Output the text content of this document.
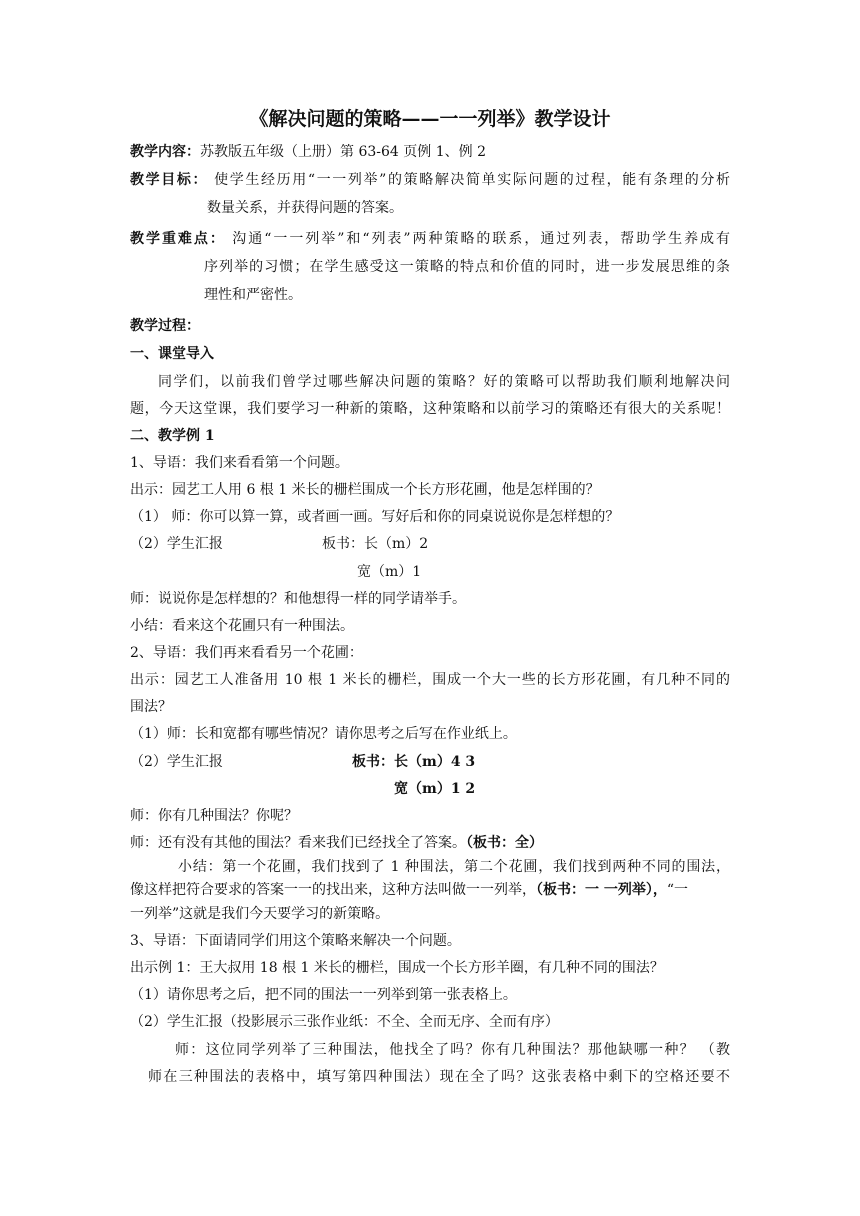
《解决问题的策略——一一列举》教学设计
教学内容：苏教版五年级（上册）第 63-64 页例 1、例 2
教学目标： 使学生经历用“一一列举”的策略解决简单实际问题的过程，能有条理的分析
数量关系，并获得问题的答案。
教学重难点： 沟通“一一列举”和“列表”两种策略的联系，通过列表，帮助学生养成有
序列举的习惯；在学生感受这一策略的特点和价值的同时，进一步发展思维的条
理性和严密性。
教学过程：
一、课堂导入
同学们，以前我们曾学过哪些解决问题的策略？好的策略可以帮助我们顺利地解决问
题，今天这堂课，我们要学习一种新的策略，这种策略和以前学习的策略还有很大的关系呢！
二、教学例 1
1、导语：我们来看看第一个问题。
出示：园艺工人用 6 根 1 米长的栅栏围成一个长方形花圃，他是怎样围的？
（1） 师：你可以算一算，或者画一画。写好后和你的同桌说说你是怎样想的？
（2）学生汇报	板书：长（m）2
宽（m）1
师：说说你是怎样想的？和他想得一样的同学请举手。
小结：看来这个花圃只有一种围法。
2、导语：我们再来看看另一个花圃：
出示：园艺工人准备用 10 根 1 米长的栅栏，围成一个大一些的长方形花圃，有几种不同的
围法？
（1）师：长和宽都有哪些情况？请你思考之后写在作业纸上。
（2）学生汇报	板书：长（m）4 3
宽（m）1 2
师：你有几种围法？你呢？
师：还有没有其他的围法？看来我们已经找全了答案。（板书：全）
小结：第一个花圃，我们找到了 1 种围法，第二个花圃，我们找到两种不同的围法，
像这样把符合要求的答案一一的找出来，这种方法叫做一一列举，（板书：一 一列举），“一
一列举”这就是我们今天要学习的新策略。
3、导语：下面请同学们用这个策略来解决一个问题。
出示例 1：王大叔用 18 根 1 米长的栅栏，围成一个长方形羊圈，有几种不同的围法？
（1）请你思考之后，把不同的围法一一列举到第一张表格上。
（2）学生汇报（投影展示三张作业纸：不全、全而无序、全而有序）
师：这位同学列举了三种围法，他找全了吗？你有几种围法？那他缺哪一种？ （教
师在三种围法的表格中，填写第四种围法）现在全了吗？这张表格中剩下的空格还要不
